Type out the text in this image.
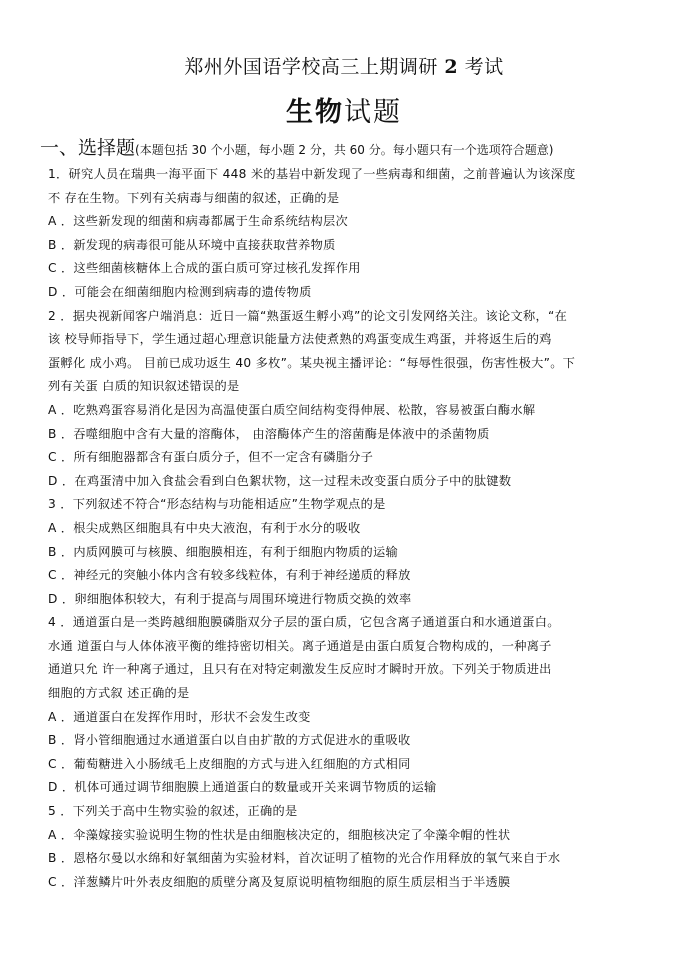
郑州外国语学校高三上期调研 2 考试
生物试题
一、选择题(本题包括 30 个小题，每小题 2 分，共 60 分。每小题只有一个选项符合题意)

1．研究人员在瑞典一海平面下 448 米的基岩中新发现了一些病毒和细菌，之前普遍认为该深度

不 存在生物。下列有关病毒与细菌的叙述，正确的是

A ．这些新发现的细菌和病毒都属于生命系统结构层次

B ．新发现的病毒很可能从环境中直接获取营养物质

C ．这些细菌核糖体上合成的蛋白质可穿过核孔发挥作用

D ．可能会在细菌细胞内检测到病毒的遗传物质

2 ．据央视新闻客户端消息：近日一篇“熟蛋返生孵小鸡”的论文引发网络关注。该论文称，“在

该 校导师指导下，学生通过超心理意识能量方法使煮熟的鸡蛋变成生鸡蛋，并将返生后的鸡

蛋孵化 成小鸡。 目前已成功返生 40 多枚”。某央视主播评论：“每辱性很强，伤害性极大”。下

列有关蛋 白质的知识叙述错误的是

A ．吃熟鸡蛋容易消化是因为高温使蛋白质空间结构变得伸展、松散，容易被蛋白酶水解

B ．吞噬细胞中含有大量的溶酶体， 由溶酶体产生的溶菌酶是体液中的杀菌物质

C ．所有细胞器都含有蛋白质分子，但不一定含有磷脂分子

D ．在鸡蛋清中加入食盐会看到白色絮状物，这一过程未改变蛋白质分子中的肽键数

3 ．下列叙述不符合“形态结构与功能相适应”生物学观点的是

A ．根尖成熟区细胞具有中央大液泡，有利于水分的吸收

B ．内质网膜可与核膜、细胞膜相连，有利于细胞内物质的运输

C ．神经元的突触小体内含有较多线粒体，有利于神经递质的释放

D ．卵细胞体积较大，有利于提高与周围环境进行物质交换的效率

4 ．通道蛋白是一类跨越细胞膜磷脂双分子层的蛋白质，它包含离子通道蛋白和水通道蛋白。

水通 道蛋白与人体体液平衡的维持密切相关。离子通道是由蛋白质复合物构成的，一种离子

通道只允 许一种离子通过，且只有在对特定刺激发生反应时才瞬时开放。下列关于物质进出

细胞的方式叙 述正确的是

A ．通道蛋白在发挥作用时，形状不会发生改变

B ．肾小管细胞通过水通道蛋白以自由扩散的方式促进水的重吸收

C ．葡萄糖进入小肠绒毛上皮细胞的方式与进入红细胞的方式相同

D ．机体可通过调节细胞膜上通道蛋白的数量或开关来调节物质的运输

5 ．下列关于高中生物实验的叙述，正确的是

A ．伞藻嫁接实验说明生物的性状是由细胞核决定的，细胞核决定了伞藻伞帽的性状

B ．恩格尔曼以水绵和好氧细菌为实验材料，首次证明了植物的光合作用释放的氧气来自于水

C ．洋葱鳞片叶外表皮细胞的质壁分离及复原说明植物细胞的原生质层相当于半透膜
